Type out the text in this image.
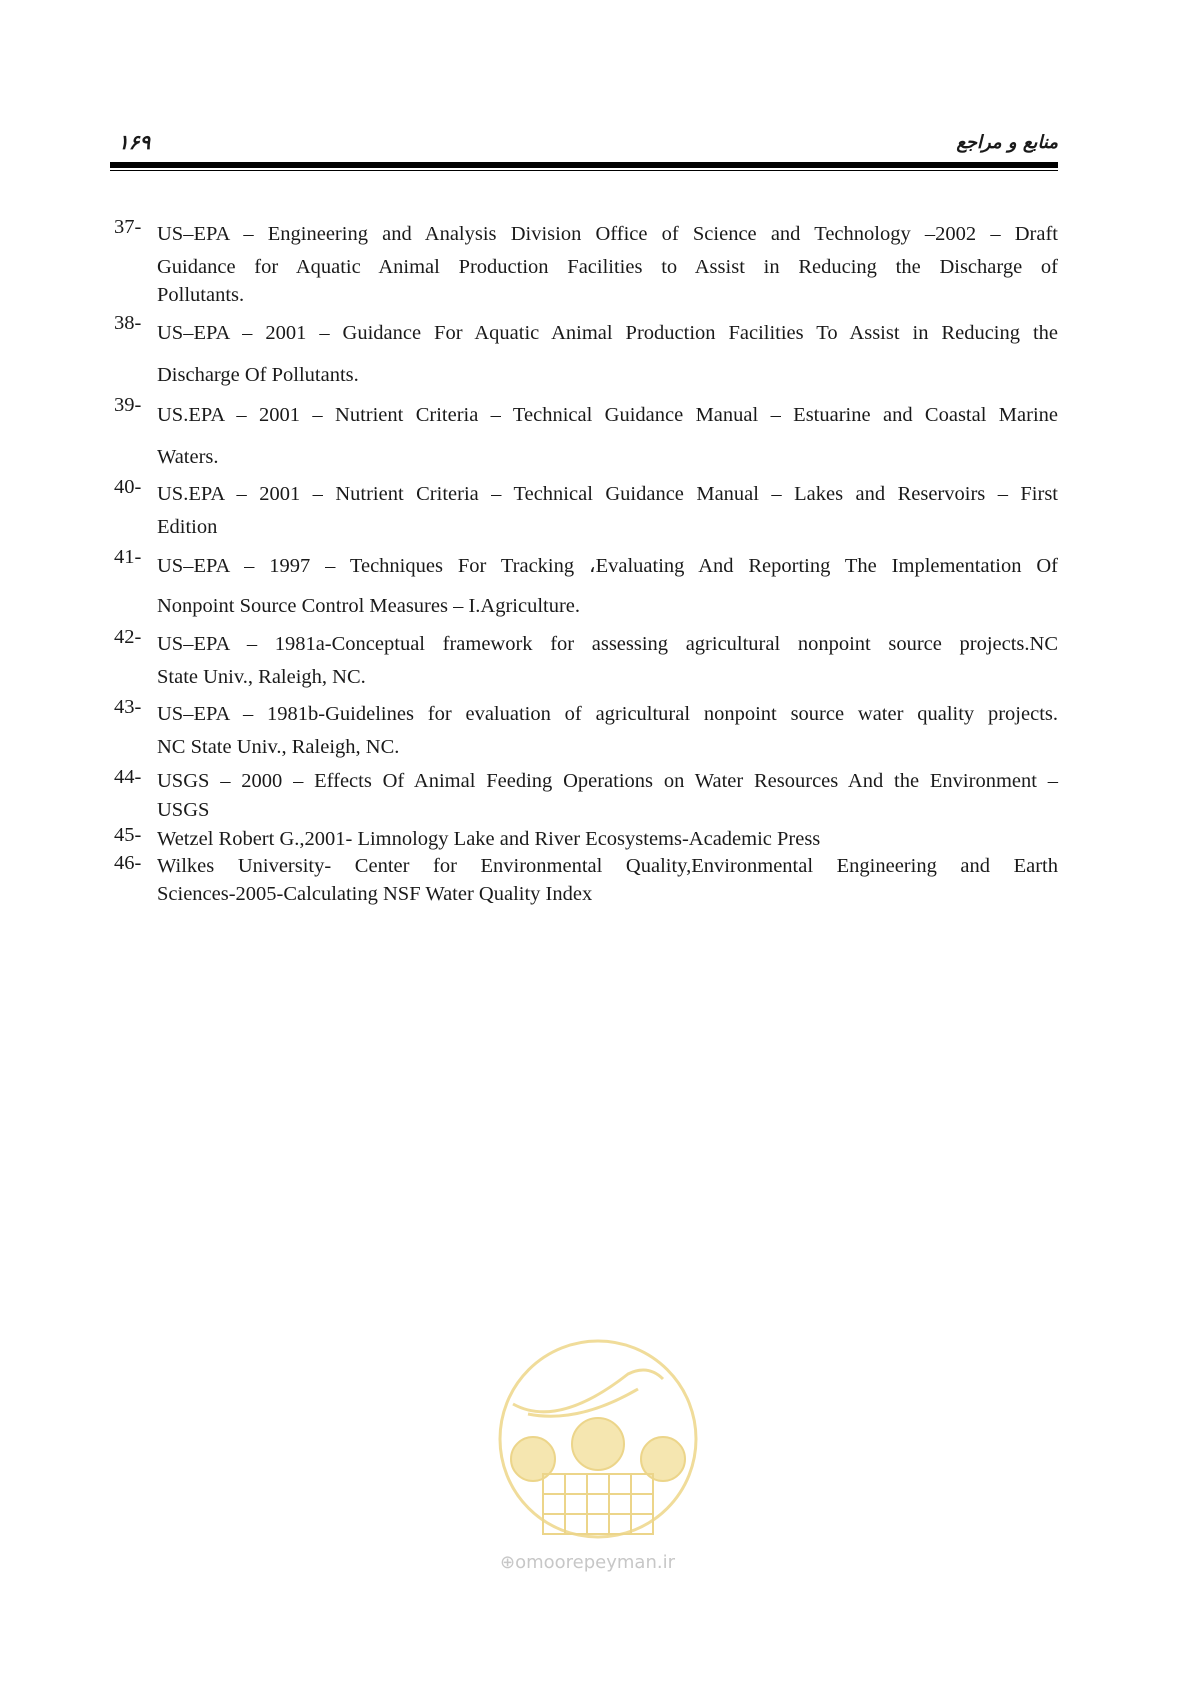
۱۶۹	منابع و مراجع
37- US–EPA – Engineering and Analysis Division Office of Science and Technology –2002 – Draft
Guidance for Aquatic Animal Production Facilities to Assist in Reducing the Discharge of
Pollutants.
38- US–EPA – 2001 – Guidance For Aquatic Animal Production Facilities To Assist in Reducing the
Discharge Of Pollutants.
39- US.EPA – 2001 – Nutrient Criteria – Technical Guidance Manual – Estuarine and Coastal Marine
Waters.
40- US.EPA – 2001 – Nutrient Criteria – Technical Guidance Manual – Lakes and Reservoirs – First
Edition
41- US–EPA – 1997 – Techniques For Tracking ،Evaluating And Reporting The Implementation Of
Nonpoint Source Control Measures – I.Agriculture.
42- US–EPA – 1981a-Conceptual framework for assessing agricultural nonpoint source projects.NC
State Univ., Raleigh, NC.
43- US–EPA – 1981b-Guidelines for evaluation of agricultural nonpoint source water quality projects.
NC State Univ., Raleigh, NC.
44- USGS – 2000 – Effects Of Animal Feeding Operations on Water Resources And the Environment –
USGS
45- Wetzel Robert G.,2001- Limnology Lake and River Ecosystems-Academic Press
46- Wilkes University- Center for Environmental Quality,Environmental Engineering and Earth
Sciences-2005-Calculating NSF Water Quality Index
⊕omoorepeyman.ir
